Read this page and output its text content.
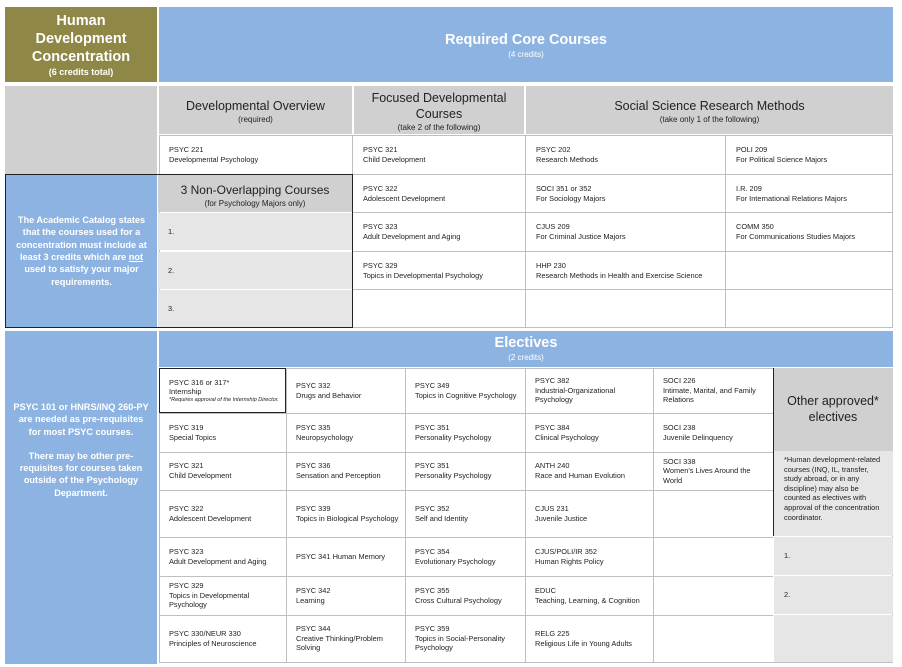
Human Development Concentration
(6 credits total)
Required Core Courses
(4 credits)
Developmental Overview
(required)
Focused Developmental Courses
(take 2 of the following)
Social Science Research Methods
(take only 1 of the following)
PSYC 221
Developmental Psychology
PSYC 321
Child Development
PSYC 322
Adolescent Development
PSYC 323
Adult Development and Aging
PSYC 329
Topics in Developmental Psychology
PSYC 202
Research Methods
SOCI 351 or 352
For Sociology Majors
CJUS 209
For Criminal Justice Majors
HHP 230
Research Methods in Health and Exercise Science
POLI 209
For Political Science Majors
I.R. 209
For International Relations Majors
COMM 350
For Communications Studies Majors
The Academic Catalog states that the courses used for a concentration must include at least 3 credits which are not used to satisfy your major requirements.
3 Non-Overlapping Courses
(for Psychology Majors only)
1.
2.
3.
PSYC 101 or HNRS/INQ 260-PY are needed as pre-requisites for most PSYC courses.
There may be other pre-requisites for courses taken outside of the Psychology Department.
Electives
(2 credits)
Other approved* electives
*Human development-related courses (INQ, IL, transfer, study abroad, or in any discipline) may also be counted as electives with approval of the concentration coordinator.
1.
2.
PSYC 316 or 317*
Internship
*Requires approval of the Internship Director.
PSYC 319
Special Topics
PSYC 321
Child Development
PSYC 322
Adolescent Development
PSYC 323
Adult Development and Aging
PSYC 329
Topics in Developmental
Psychology
PSYC 330/NEUR 330
Principles of Neuroscience
PSYC 332
Drugs and Behavior
PSYC 335
Neuropsychology
PSYC 336
Sensation and Perception
PSYC 339
Topics in Biological Psychology
PSYC 341 Human Memory
PSYC 342
Learning
PSYC 344
Creative Thinking/Problem
Solving
PSYC 349
Topics in Cognitive Psychology
PSYC 351
Personality Psychology
PSYC 351
Personality Psychology
PSYC 352
Self and Identity
PSYC 354
Evolutionary Psychology
PSYC 355
Cross Cultural Psychology
PSYC 359
Topics in Social-Personality
Psychology
PSYC 382
Industrial-Organizational
Psychology
PSYC 384
Clinical Psychology
ANTH 240
Race and Human Evolution
CJUS 231
Juvenile Justice
CJUS/POLI/IR 352
Human Rights Policy
EDUC
Teaching, Learning, & Cognition
RELG 225
Religious Life in Young Adults
SOCI 226
Intimate, Marital, and Family
Relations
SOCI 238
Juvenile Delinquency
SOCI 338
Women's Lives Around the
World
